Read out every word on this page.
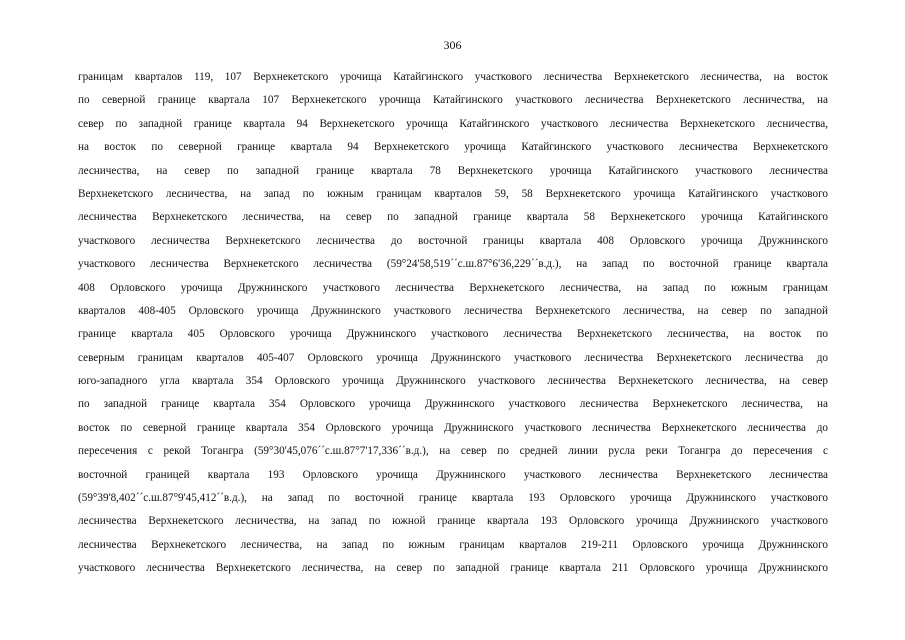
306
границам кварталов 119, 107 Верхнекетского урочища Катайгинского участкового лесничества Верхнекетского лесничества, на восток
по северной границе квартала 107 Верхнекетского урочища Катайгинского участкового лесничества Верхнекетского лесничества, на
север по западной границе квартала 94 Верхнекетского урочища Катайгинского участкового лесничества Верхнекетского лесничества,
на восток по северной границе квартала 94 Верхнекетского урочища Катайгинского участкового лесничества Верхнекетского
лесничества, на север по западной границе квартала 78 Верхнекетского урочища Катайгинского участкового лесничества
Верхнекетского лесничества, на запад по южным границам кварталов 59, 58 Верхнекетского урочища Катайгинского участкового
лесничества Верхнекетского лесничества, на север по западной границе квартала 58 Верхнекетского урочища Катайгинского
участкового лесничества Верхнекетского лесничества до восточной границы квартала 408 Орловского урочища Дружнинского
участкового лесничества Верхнекетского лесничества (59°24'58,519´´с.ш.87°6'36,229´´в.д.), на запад по восточной границе квартала
408 Орловского урочища Дружнинского участкового лесничества Верхнекетского лесничества, на запад по южным границам
кварталов 408-405 Орловского урочища Дружнинского участкового лесничества Верхнекетского лесничества, на север по западной
границе квартала 405 Орловского урочища Дружнинского участкового лесничества Верхнекетского лесничества, на восток по
северным границам кварталов 405-407 Орловского урочища Дружнинского участкового лесничества Верхнекетского лесничества до
юго-западного угла квартала 354 Орловского урочища Дружнинского участкового лесничества Верхнекетского лесничества, на север
по западной границе квартала 354 Орловского урочища Дружнинского участкового лесничества Верхнекетского лесничества, на
восток по северной границе квартала 354 Орловского урочища Дружнинского участкового лесничества Верхнекетского лесничества до
пересечения с рекой Тогангра (59°30'45,076´´с.ш.87°7'17,336´´в.д.), на север по средней линии русла реки Тогангра до пересечения с
восточной границей квартала 193 Орловского урочища Дружнинского участкового лесничества Верхнекетского лесничества
(59°39'8,402´´с.ш.87°9'45,412´´в.д.), на запад по восточной границе квартала 193 Орловского урочища Дружнинского участкового
лесничества Верхнекетского лесничества, на запад по южной границе квартала 193 Орловского урочища Дружнинского участкового
лесничества Верхнекетского лесничества, на запад по южным границам кварталов 219-211 Орловского урочища Дружнинского
участкового лесничества Верхнекетского лесничества, на север по западной границе квартала 211 Орловского урочища Дружнинского
